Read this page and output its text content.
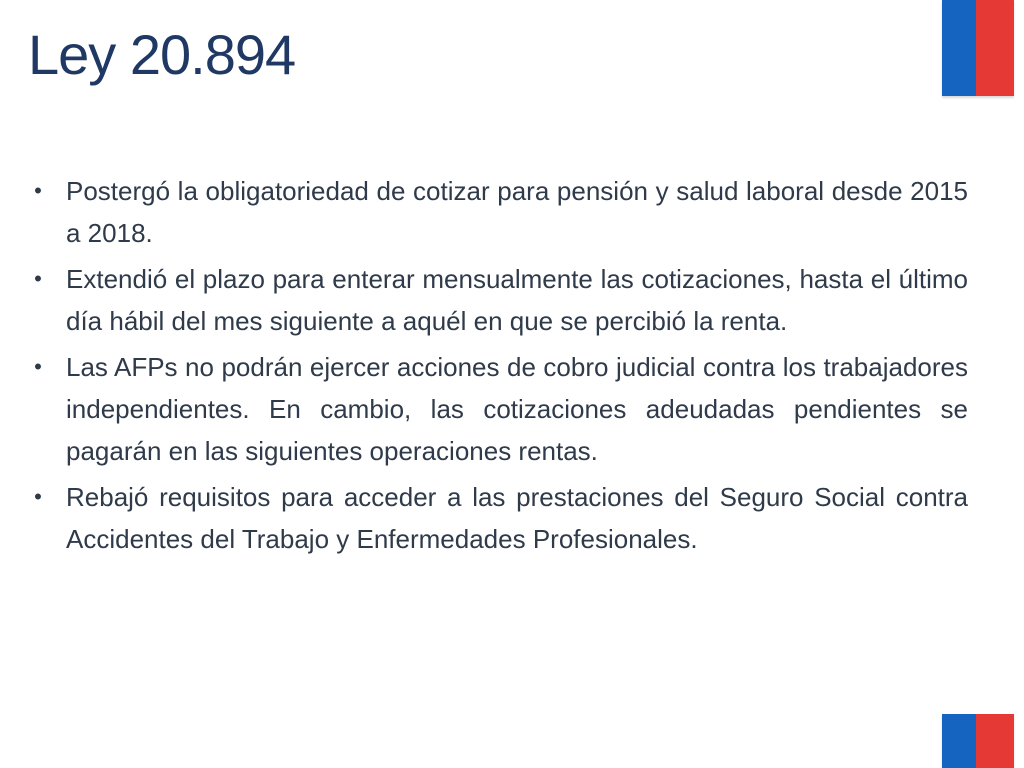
Ley 20.894
• Postergó la obligatoriedad de cotizar para pensión y salud laboral desde 2015 a 2018.
• Extendió el plazo para enterar mensualmente las cotizaciones, hasta el último día hábil del mes siguiente a aquél en que se percibió la renta.
• Las AFPs no podrán ejercer acciones de cobro judicial contra los trabajadores independientes. En cambio, las cotizaciones adeudadas pendientes se pagarán en las siguientes operaciones rentas.
• Rebajó requisitos para acceder a las prestaciones del Seguro Social contra Accidentes del Trabajo y Enfermedades Profesionales.
